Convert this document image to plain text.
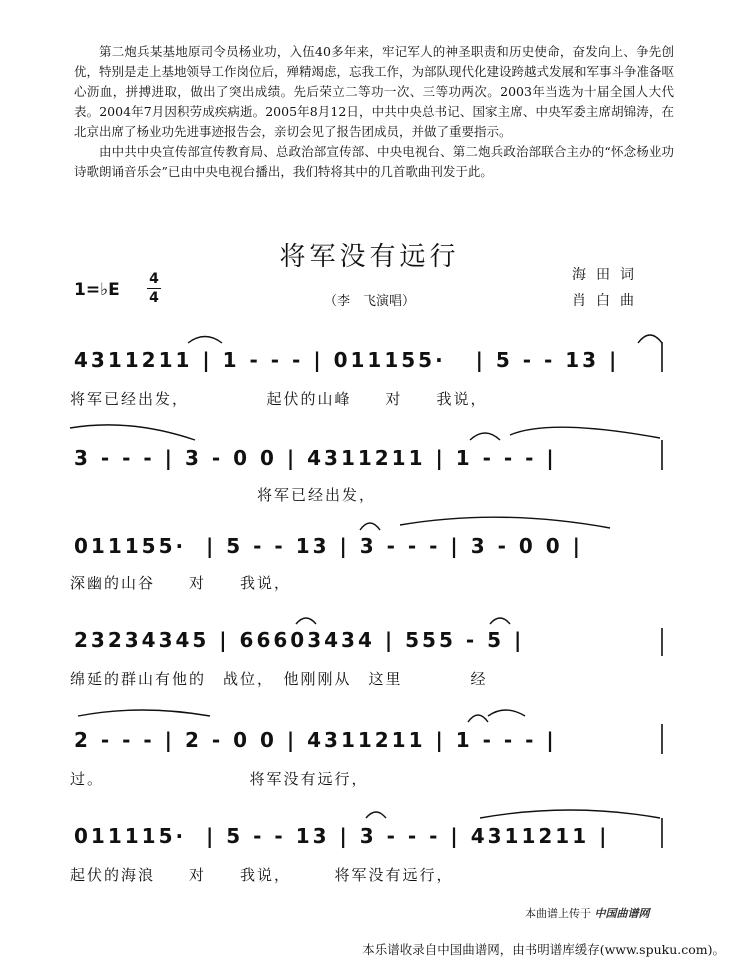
第二炮兵某基地原司令员杨业功，入伍40多年来，牢记军人的神圣职责和历史使命，奋发向上、争先创优，特别是走上基地领导工作岗位后，殚精竭虑，忘我工作，为部队现代化建设跨越式发展和军事斗争准备呕心沥血，拼搏进取，做出了突出成绩。先后荣立二等功一次、三等功两次。2003年当选为十届全国人大代表。2004年7月因积劳成疾病逝。2005年8月12日，中共中央总书记、国家主席、中央军委主席胡锦涛，在北京出席了杨业功先进事迹报告会，亲切会见了报告团成员，并做了重要指示。

由中共中央宣传部宣传教育局、总政治部宣传部、中央电视台、第二炮兵政治部联合主办的“怀念杨业功诗歌朗诵音乐会”已由中央电视台播出，我们特将其中的几首歌曲刊发于此。

将军没有远行
1=♭E
4
4	（李　飞演唱）
海田词
肖白曲
4311211 | 1 - - - | 011155·   | 5 - - 13 |
将军已经出发，　　　　　起伏的山峰　　对　　我说，
3 - - - | 3 - 0 0 | 4311211 | 1 - - - |
　　　　　　　　　　　将军已经出发，
011155·  | 5 - - 13 | 3 - - - | 3 - 0 0 |
深幽的山谷　　对　　我说，
23234345 | 66603434 | 555 - 5 |
绵延的群山有他的　战位，　他刚刚从　这里　　　　经
2 - - - | 2 - 0 0 | 4311211 | 1 - - - |
过。　　　　　　　　　将军没有远行，
011115·  | 5 - - 13 | 3 - - - | 4311211 |
起伏的海浪　　对　　我说，　　　将军没有远行，
本曲谱上传于 中国曲谱网
本乐谱收录自中国曲谱网，由书明谱库缓存(www.spuku.com)。
